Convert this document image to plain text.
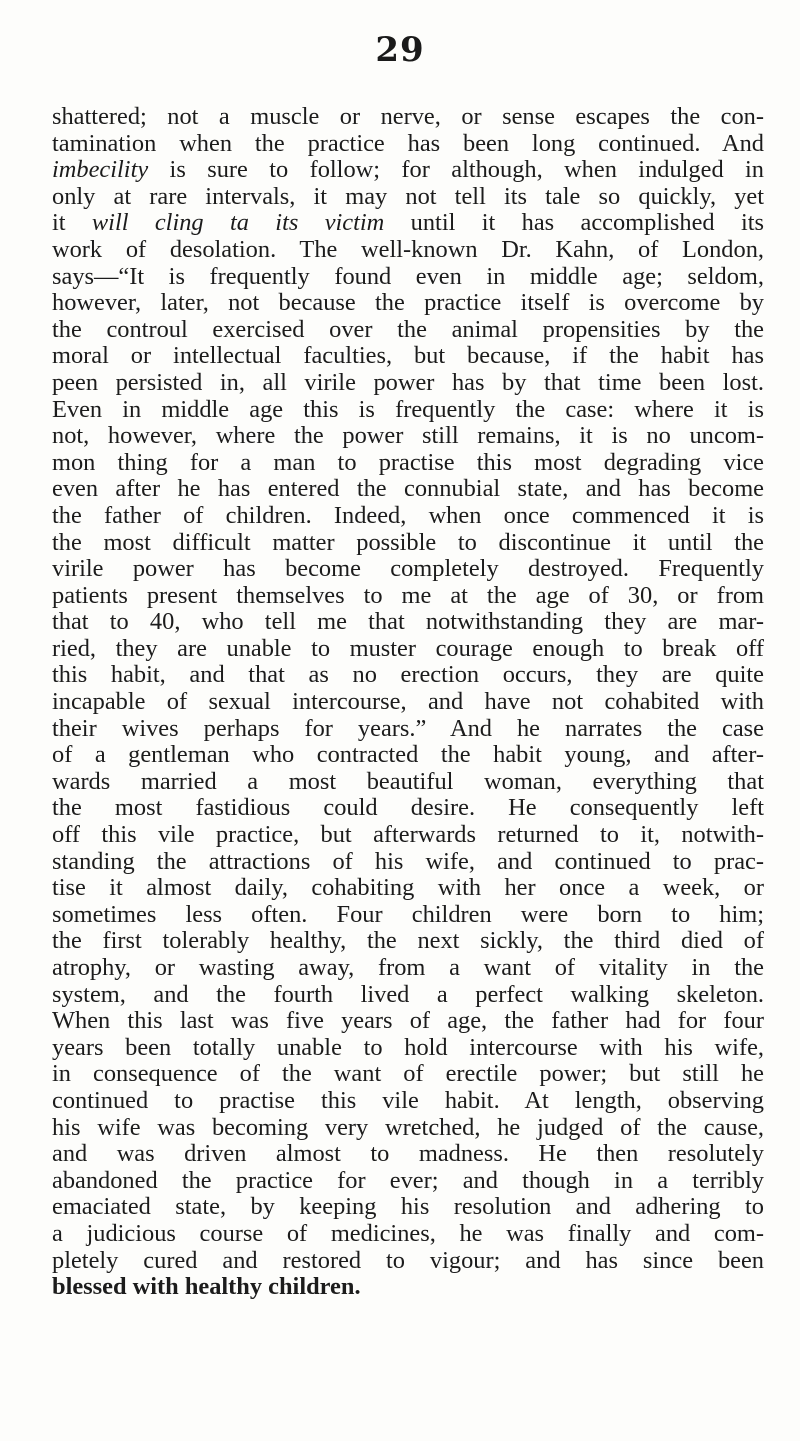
29
shattered; not a muscle or nerve, or sense escapes the con-
tamination when the practice has been long continued. And
imbecility is sure to follow; for although, when indulged in
only at rare intervals, it may not tell its tale so quickly, yet
it will cling tа its victim until it has accomplished its
work of desolation. The well-known Dr. Kahn, of London,
says—“It is frequently found even in middle age; seldom,
however, later, not because the practice itself is overcome by
the controul exercised over the animal propensities by the
moral or intellectual faculties, but because, if the habit has
peen persisted in, all virile power has by that time been lost.
Even in middle age this is frequently the case: where it is
not, however, where the power still remains, it is no uncom-
mon thing for a man to practise this most degrading vice
even after he has entered the connubial state, and has become
the father of children. Indeed, when once commenced it is
the most difficult matter possible to discontinue it until the
virile power has become completely destroyed. Frequently
patients present themselves to me at the age of 30, or from
that to 40, who tell me that notwithstanding they are mar-
ried, they are unable to muster courage enough to break off
this habit, and that as no erection occurs, they are quite
incapable of sexual intercourse, and have not cohabited with
their wives perhaps for years.” And he narrates the case
of a gentleman who contracted the habit young, and after-
wards married a most beautiful woman, everything that
the most fastidious could desire. He consequently left
off this vile practice, but afterwards returned to it, notwith-
standing the attractions of his wife, and continued to prac-
tise it almost daily, cohabiting with her once a week, or
sometimes less often. Four children were born to him;
the first tolerably healthy, the next sickly, the third died of
atrophy, or wasting away, from a want of vitality in the
system, and the fourth lived a perfect walking skeleton.
When this last was five years of age, the father had for four
years been totally unable to hold intercourse with his wife,
in consequence of the want of erectile power; but still he
continued to practise this vile habit. At length, observing
his wife was becoming very wretched, he judged of the cause,
and was driven almost to madness. He then resolutely
abandoned the practice for ever; and though in a terribly
emaciated state, by keeping his resolution and adhering to
a judicious course of medicines, he was finally and com-
pletely cured and restored to vigour; and has since been
blessed with healthy children.
